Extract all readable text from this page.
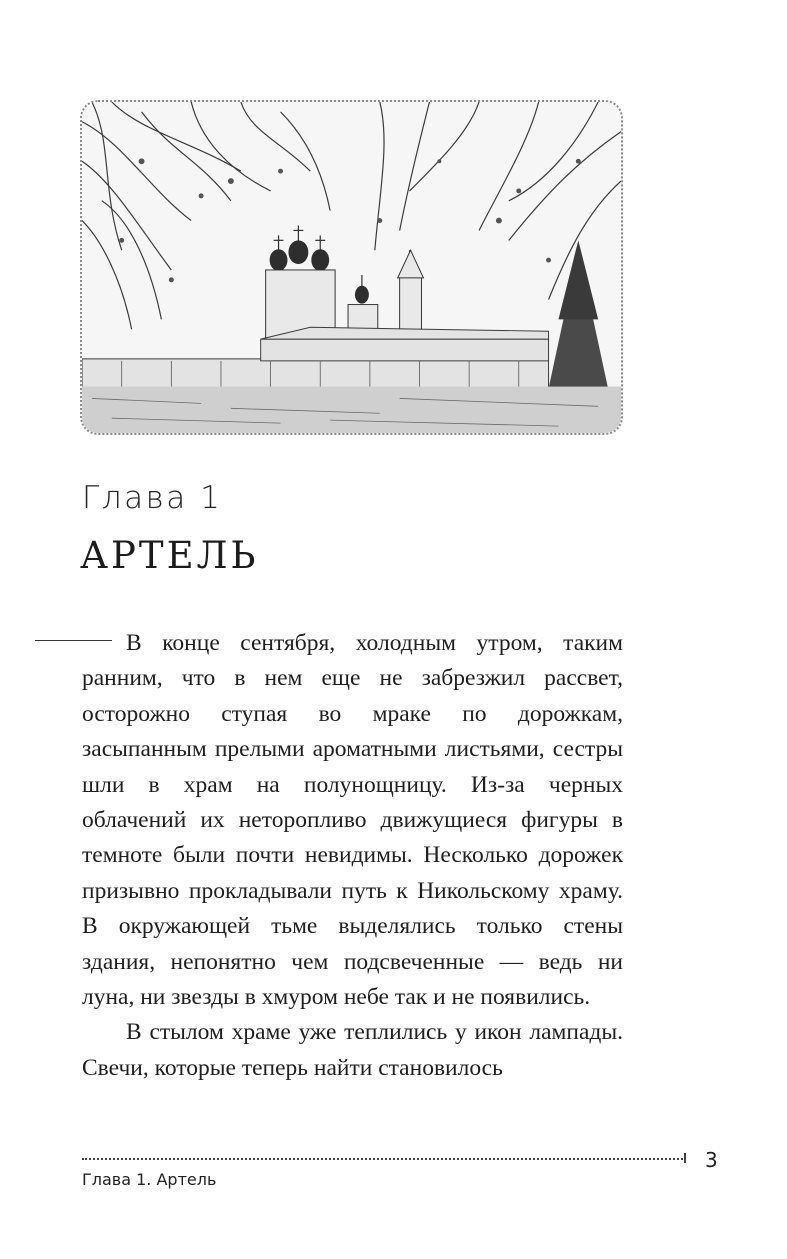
Глава 1
АРТЕЛЬ

В конце сентября, холодным утром, таким ранним, что в нем еще не забрезжил рассвет, осторожно ступая во мраке по дорожкам, засыпанным прелыми ароматными листьями, сестры шли в храм на полунощницу. Из-за черных облачений их неторопливо движущиеся фигуры в темноте были почти невидимы. Несколько дорожек призывно прокладывали путь к Никольскому храму. В окружающей тьме выделялись только стены здания, непонятно чем подсвеченные — ведь ни луна, ни звезды в хмуром небе так и не появились.

В стылом храме уже теплились у икон лампады. Свечи, которые теперь найти становилось

3
Глава 1. Артель
